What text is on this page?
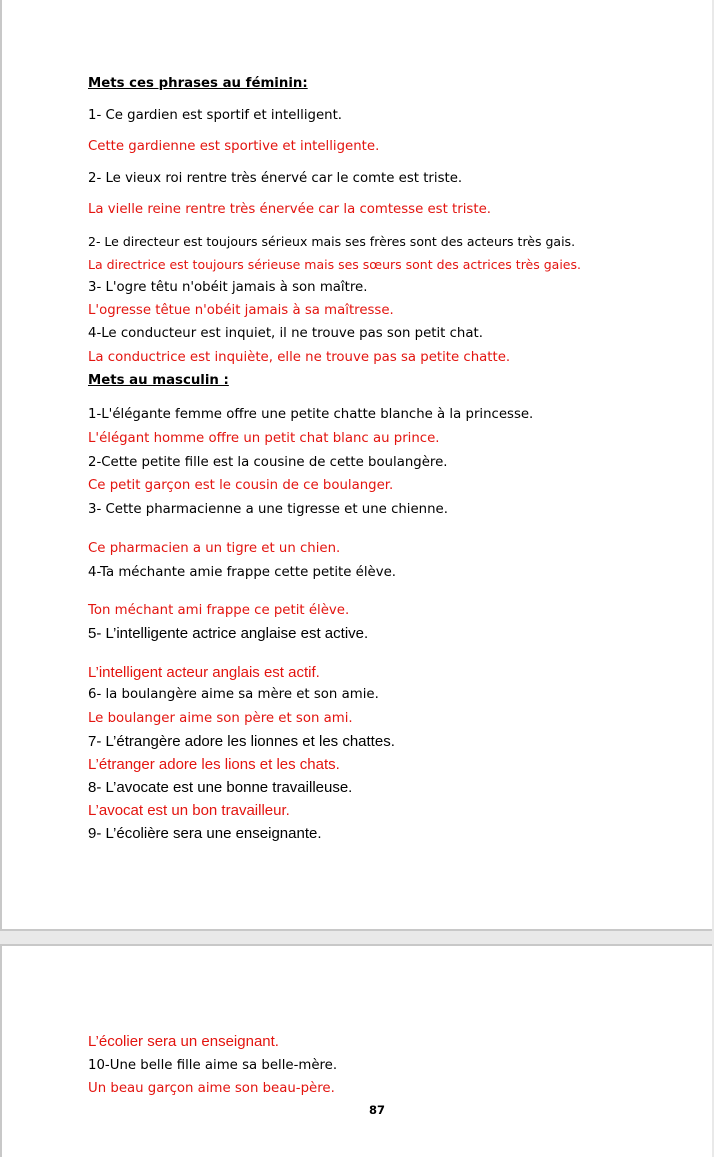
Mets ces phrases au féminin:
1- Ce gardien est sportif et intelligent.
Cette gardienne est sportive et intelligente.
2- Le vieux roi rentre très énervé car le comte est triste.
La vielle reine rentre très énervée car la comtesse est triste.
2- Le directeur est toujours sérieux mais ses frères sont des acteurs très gais.
La directrice est toujours sérieuse mais ses sœurs sont des actrices très gaies.
3- L'ogre têtu n'obéit jamais à son maître.
L'ogresse têtue n'obéit jamais à sa maîtresse.
4-Le conducteur est inquiet, il ne trouve pas son petit chat.
La conductrice est inquiète, elle ne trouve pas sa petite chatte.
Mets au masculin :
1-L'élégante femme offre une petite chatte blanche à la princesse.
L'élégant homme offre un petit chat blanc au prince.
2-Cette petite fille est la cousine de cette boulangère.
Ce petit garçon est le cousin de ce boulanger.
3- Cette pharmacienne a une tigresse et une chienne.
Ce pharmacien a un tigre et un chien.
4-Ta méchante amie frappe cette petite élève.
Ton méchant ami frappe ce petit élève.
5- L’intelligente actrice anglaise est active.
L’intelligent acteur anglais est actif.
6- la boulangère aime sa mère et son amie.
Le boulanger aime son père et son ami.
7- L’étrangère adore les lionnes et les chattes.
L’étranger adore les lions et les chats.
8- L’avocate est une bonne travailleuse.
L’avocat est un bon travailleur.
9- L’écolière sera une enseignante.
L’écolier sera un enseignant.
10-Une belle fille aime sa belle-mère.
Un beau garçon aime son beau-père.
87
